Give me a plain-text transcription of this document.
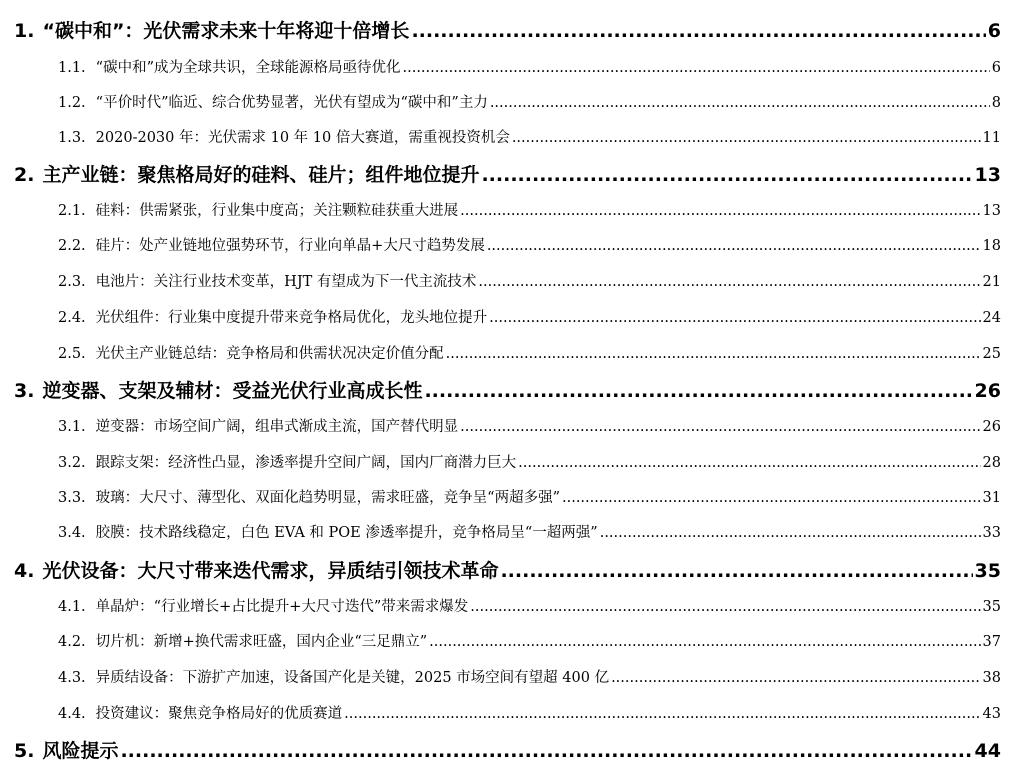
1. “碳中和”：光伏需求未来十年将迎十倍增长 .....	6
1.1. “碳中和”成为全球共识，全球能源格局亟待优化 .....	6
1.2. “平价时代”临近、综合优势显著，光伏有望成为“碳中和”主力 .....	8
1.3. 2020-2030 年：光伏需求 10 年 10 倍大赛道，需重视投资机会 .....	11
2. 主产业链：聚焦格局好的硅料、硅片；组件地位提升 .....	13
2.1. 硅料：供需紧张，行业集中度高；关注颗粒硅获重大进展 .....	13
2.2. 硅片：处产业链地位强势环节，行业向单晶+大尺寸趋势发展 .....	18
2.3. 电池片：关注行业技术变革，HJT 有望成为下一代主流技术 .....	21
2.4. 光伏组件：行业集中度提升带来竞争格局优化，龙头地位提升 .....	24
2.5. 光伏主产业链总结：竞争格局和供需状况决定价值分配 .....	25
3. 逆变器、支架及辅材：受益光伏行业高成长性 .....	26
3.1. 逆变器：市场空间广阔，组串式渐成主流，国产替代明显 .....	26
3.2. 跟踪支架：经济性凸显，渗透率提升空间广阔，国内厂商潜力巨大 .....	28
3.3. 玻璃：大尺寸、薄型化、双面化趋势明显，需求旺盛，竞争呈“两超多强” .....	31
3.4. 胶膜：技术路线稳定，白色 EVA 和 POE 渗透率提升，竞争格局呈“一超两强” .....	33
4. 光伏设备：大尺寸带来迭代需求，异质结引领技术革命 .....	35
4.1. 单晶炉：“行业增长+占比提升+大尺寸迭代”带来需求爆发 .....	35
4.2. 切片机：新增+换代需求旺盛，国内企业“三足鼎立” .....	37
4.3. 异质结设备：下游扩产加速，设备国产化是关键，2025 市场空间有望超 400 亿 .....	38
4.4. 投资建议：聚焦竞争格局好的优质赛道 .....	43
5. 风险提示 .....	44
